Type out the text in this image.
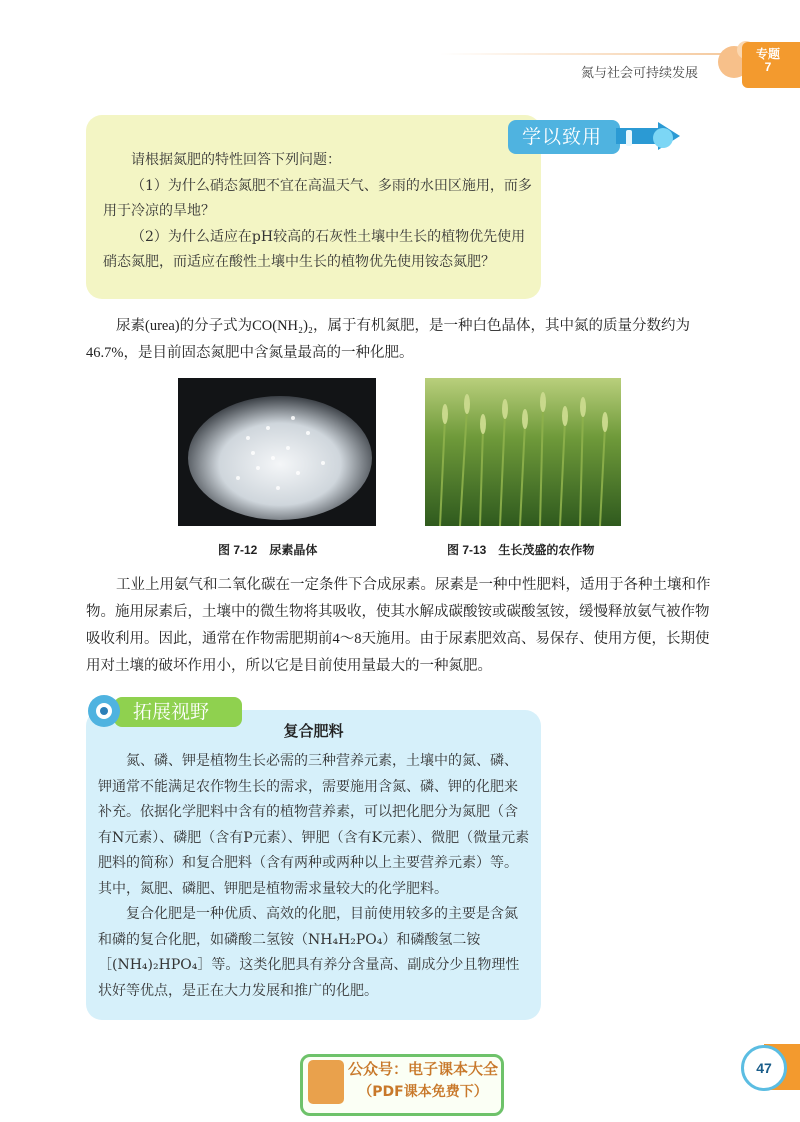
氮与社会可持续发展
专题
7
学以致用

请根据氮肥的特性回答下列问题：

（1）为什么硝态氮肥不宜在高温天气、多雨的水田区施用，而多用于冷凉的旱地？

（2）为什么适应在pH较高的石灰性土壤中生长的植物优先使用硝态氮肥，而适应在酸性土壤中生长的植物优先使用铵态氮肥？

尿素(urea)的分子式为CO(NH₂)₂，属于有机氮肥，是一种白色晶体，其中氮的质量分数约为46.7%，是目前固态氮肥中含氮量最高的一种化肥。

图 7-12　尿素晶体	图 7-13　生长茂盛的农作物

工业上用氨气和二氧化碳在一定条件下合成尿素。尿素是一种中性肥料，适用于各种土壤和作物。施用尿素后，土壤中的微生物将其吸收，使其水解成碳酸铵或碳酸氢铵，缓慢释放氨气被作物吸收利用。因此，通常在作物需肥期前4～8天施用。由于尿素肥效高、易保存、使用方便，长期使用对土壤的破坏作用小，所以它是目前使用量最大的一种氮肥。

拓展视野
复合肥料

氮、磷、钾是植物生长必需的三种营养元素，土壤中的氮、磷、钾通常不能满足农作物生长的需求，需要施用含氮、磷、钾的化肥来补充。依据化学肥料中含有的植物营养素，可以把化肥分为氮肥（含有N元素）、磷肥（含有P元素）、钾肥（含有K元素）、微肥（微量元素肥料的简称）和复合肥料（含有两种或两种以上主要营养元素）等。其中，氮肥、磷肥、钾肥是植物需求量较大的化学肥料。

复合化肥是一种优质、高效的化肥，目前使用较多的主要是含氮和磷的复合化肥，如磷酸二氢铵（NH₄H₂PO₄）和磷酸氢二铵［(NH₄)₂HPO₄］等。这类化肥具有养分含量高、副成分少且物理性状好等优点，是正在大力发展和推广的化肥。

47
公众号：电子课本大全
（PDF课本免费下）
